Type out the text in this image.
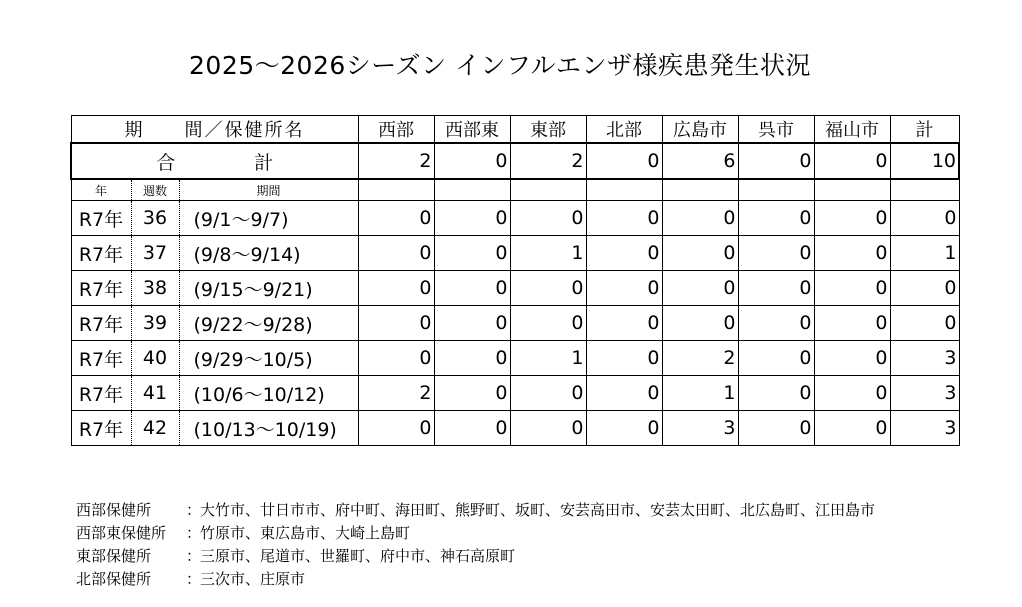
2025～2026シーズン インフルエンザ様疾患発生状況
期　　間／保健所名			西部	西部東	東部	北部	広島市	呉市	福山市	計
合　計			2	0	2	0	6	0	0	10
年	週数	期間								
R7年	36	(9/1～9/7)	0	0	0	0	0	0	0	0
R7年	37	(9/8～9/14)	0	0	1	0	0	0	0	1
R7年	38	(9/15～9/21)	0	0	0	0	0	0	0	0
R7年	39	(9/22～9/28)	0	0	0	0	0	0	0	0
R7年	40	(9/29～10/5)	0	0	1	0	2	0	0	3
R7年	41	(10/6～10/12)	2	0	0	0	1	0	0	3
R7年	42	(10/13～10/19)	0	0	0	0	3	0	0	3
西部保健所	：
大竹市、廿日市市、府中町、海田町、熊野町、坂町、安芸高田市、安芸太田町、北広島町、江田島市
西部東保健所	：
竹原市、東広島市、大崎上島町
東部保健所	：
三原市、尾道市、世羅町、府中市、神石高原町
北部保健所	：
三次市、庄原市
